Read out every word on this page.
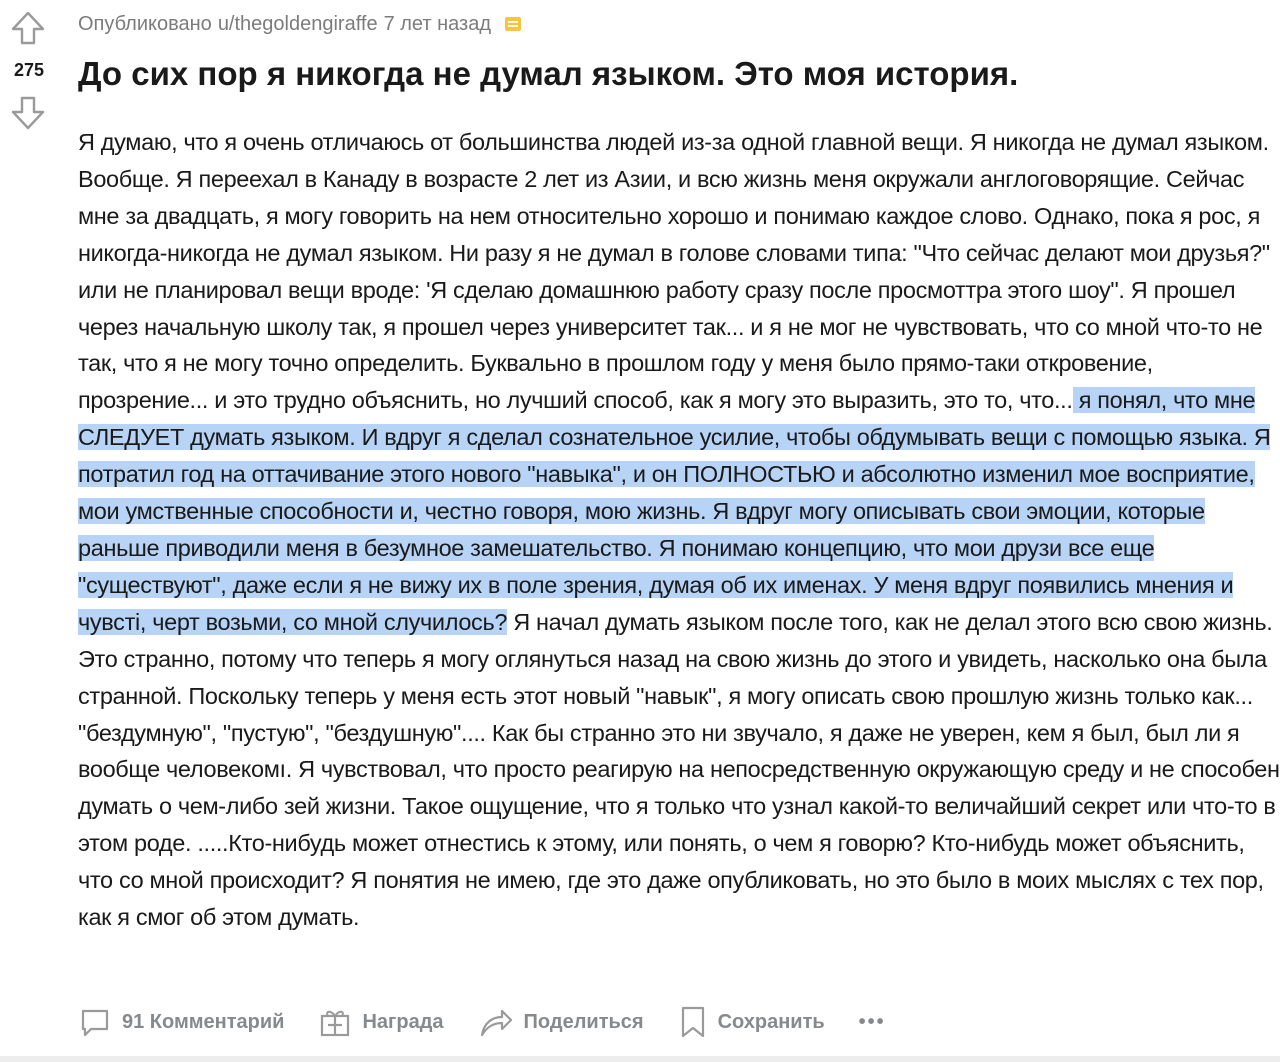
275
Опубликовано u/thegoldengiraffe 7 лет назад
До сих пор я никогда не думал языком. Это моя история.

Я думаю, что я очень отличаюсь от большинства людей из-за одной главной вещи. Я никогда не думал языком. Вообще. Я переехал в Канаду в возрасте 2 лет из Азии, и всю жизнь меня окружали англоговорящие. Сейчас мне за двадцать, я могу говорить на нем относительно хорошо и понимаю каждое слово. Однако, пока я рос, я никогда-никогда не думал языком. Ни разу я не думал в голове словами типа: "Что сейчас делают мои друзья?" или не планировал вещи вроде: 'Я сделаю домашнюю работу сразу после просмоттра этого шоу". Я прошел через начальную школу так, я прошел через университет так... и я не мог не чувствовать, что со мной что-то не так, что я не могу точно определить. Буквально в прошлом году у меня было прямо-таки откровение, прозрение... и это трудно объяснить, но лучший способ, как я могу это выразить, это то, что... я понял, что мне СЛЕДУЕТ думать языком. И вдруг я сделал сознательное усилие, чтобы обдумывать вещи с помощью языка. Я потратил год на оттачивание этого нового "навыка", и он ПОЛНОСТЬЮ и абсолютно изменил мое восприятие, мои умственные способности и, честно говоря, мою жизнь. Я вдруг могу описывать свои эмоции, которые раньше приводили меня в безумное замешательство. Я понимаю концепцию, что мои друзи все еще "существуют", даже если я не вижу их в поле зрения, думая об их именах. У меня вдруг появились мнения и чувсті, черт возьми, со мной случилось? Я начал думать языком после того, как не делал этого всю свою жизнь. Это странно, потому что теперь я могу оглянуться назад на свою жизнь до этого и увидеть, насколько она была странной. Поскольку теперь у меня есть этот новый "навык", я могу описать свою прошлую жизнь только как... "бездумную", "пустую", "бездушную".... Как бы странно это ни звучало, я даже не уверен, кем я был, был ли я вообще человекомı. Я чувствовал, что просто реагирую на непосредственную окружающую среду и не способен думать о чем-либо зей жизни. Такое ощущение, что я только что узнал какой-то величайший секрет или что-то в этом роде. .....Кто-нибудь может отнестись к этому, или понять, о чем я говорю? Кто-нибудь может объяснить, что со мной происходит? Я понятия не имею, где это даже опубликовать, но это было в моих мыслях с тех пор, как я смог об этом думать.

91 Комментарий	Награда	Поделиться	Сохранить •••
